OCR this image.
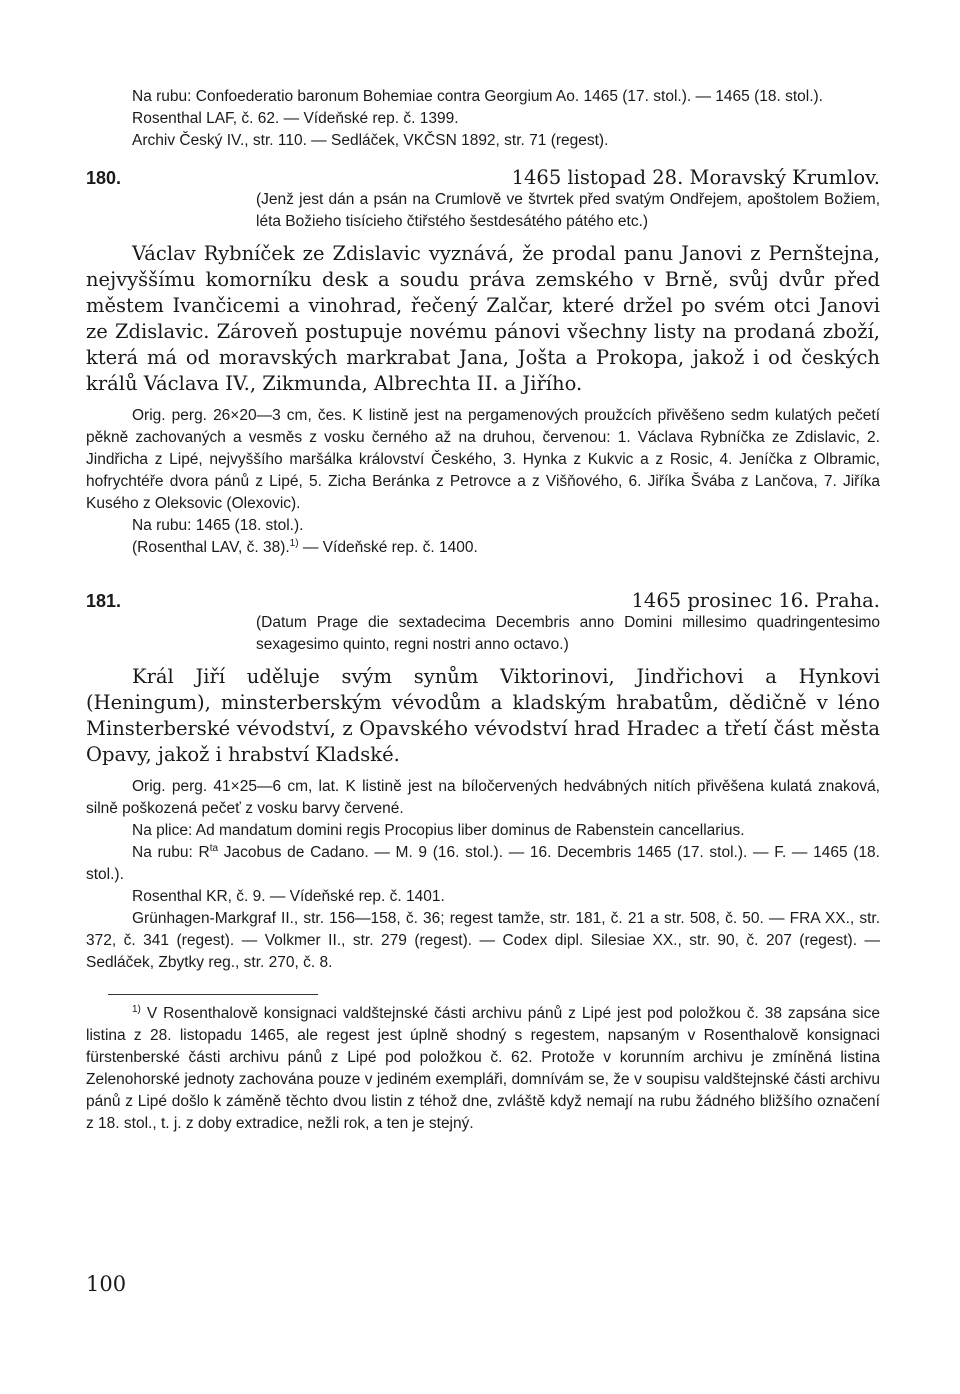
Na rubu: Confoederatio baronum Bohemiae contra Georgium Ao. 1465 (17. stol.). — 1465 (18. stol.).

Rosenthal LAF, č. 62. — Vídeňské rep. č. 1399.

Archiv Český IV., str. 110. — Sedláček, VKČSN 1892, str. 71 (regest).

180.	1465 listopad 28. Moravský Krumlov.

(Jenž jest dán a psán na Crumlově ve štvrtek před svatým Ondřejem, apoštolem Božiem, léta Božieho tisícieho čtiřstého šestdesátého pátého etc.)

Václav Rybníček ze Zdislavic vyznává, že prodal panu Janovi z Pernštejna, nejvyššímu komorníku desk a soudu práva zemského v Brně, svůj dvůr před městem Ivančicemi a vinohrad, řečený Zalčar, které držel po svém otci Janovi ze Zdislavic. Zároveň postupuje novému pánovi všechny listy na prodaná zboží, která má od moravských markrabat Jana, Jošta a Prokopa, jakož i od českých králů Václava IV., Zikmunda, Albrechta II. a Jiřího.

Orig. perg. 26×20—3 cm, čes. K listině jest na pergamenových proužcích přivěšeno sedm kulatých pečetí pěkně zachovaných a vesměs z vosku černého až na druhou, červenou: 1. Václava Rybníčka ze Zdislavic, 2. Jindřicha z Lipé, nejvyššího maršálka království Českého, 3. Hynka z Kukvic a z Rosic, 4. Jeníčka z Olbramic, hofrychtéře dvora pánů z Lipé, 5. Zicha Beránka z Petrovce a z Višňového, 6. Jiříka Švába z Lančova, 7. Jiříka Kusého z Oleksovic (Olexovic).

Na rubu: 1465 (18. stol.).

(Rosenthal LAV, č. 38).$^{1)}$ — Vídeňské rep. č. 1400.

181.	1465 prosinec 16. Praha.

(Datum Prage die sextadecima Decembris anno Domini millesimo quadringentesimo sexagesimo quinto, regni nostri anno octavo.)

Král Jiří uděluje svým synům Viktorinovi, Jindřichovi a Hynkovi (Heningum), minsterberským vévodům a kladským hrabatům, dědičně v léno Minsterberské vévodství, z Opavského vévodství hrad Hradec a třetí část města Opavy, jakož i hrabství Kladské.

Orig. perg. 41×25—6 cm, lat. K listině jest na bíločervených hedvábných nitích přivěšena kulatá znaková, silně poškozená pečeť z vosku barvy červené.

Na plice: Ad mandatum domini regis Procopius liber dominus de Rabenstein cancellarius.

Na rubu: $R^{ta}$ Jacobus de Cadano. — M. 9 (16. stol.). — 16. Decembris 1465 (17. stol.). — F. — 1465 (18. stol.).

Rosenthal KR, č. 9. — Vídeňské rep. č. 1401.

Grünhagen-Markgraf II., str. 156—158, č. 36; regest tamže, str. 181, č. 21 a str. 508, č. 50. — FRA XX., str. 372, č. 341 (regest). — Volkmer II., str. 279 (regest). — Codex dipl. Silesiae XX., str. 90, č. 207 (regest). — Sedláček, Zbytky reg., str. 270, č. 8.

$^{1)}$ V Rosenthalově konsignaci valdštejnské části archivu pánů z Lipé jest pod položkou č. 38 zapsána sice listina z 28. listopadu 1465, ale regest jest úplně shodný s regestem, napsaným v Rosenthalově konsignaci fürstenberské části archivu pánů z Lipé pod položkou č. 62. Protože v korunním archivu je zmíněná listina Zelenohorské jednoty zachována pouze v jediném exempláři, domnívám se, že v soupisu valdštejnské části archivu pánů z Lipé došlo k záměně těchto dvou listin z téhož dne, zvláště když nemají na rubu žádného bližšího označení z 18. stol., t. j. z doby extradice, nežli rok, a ten je stejný.

100
